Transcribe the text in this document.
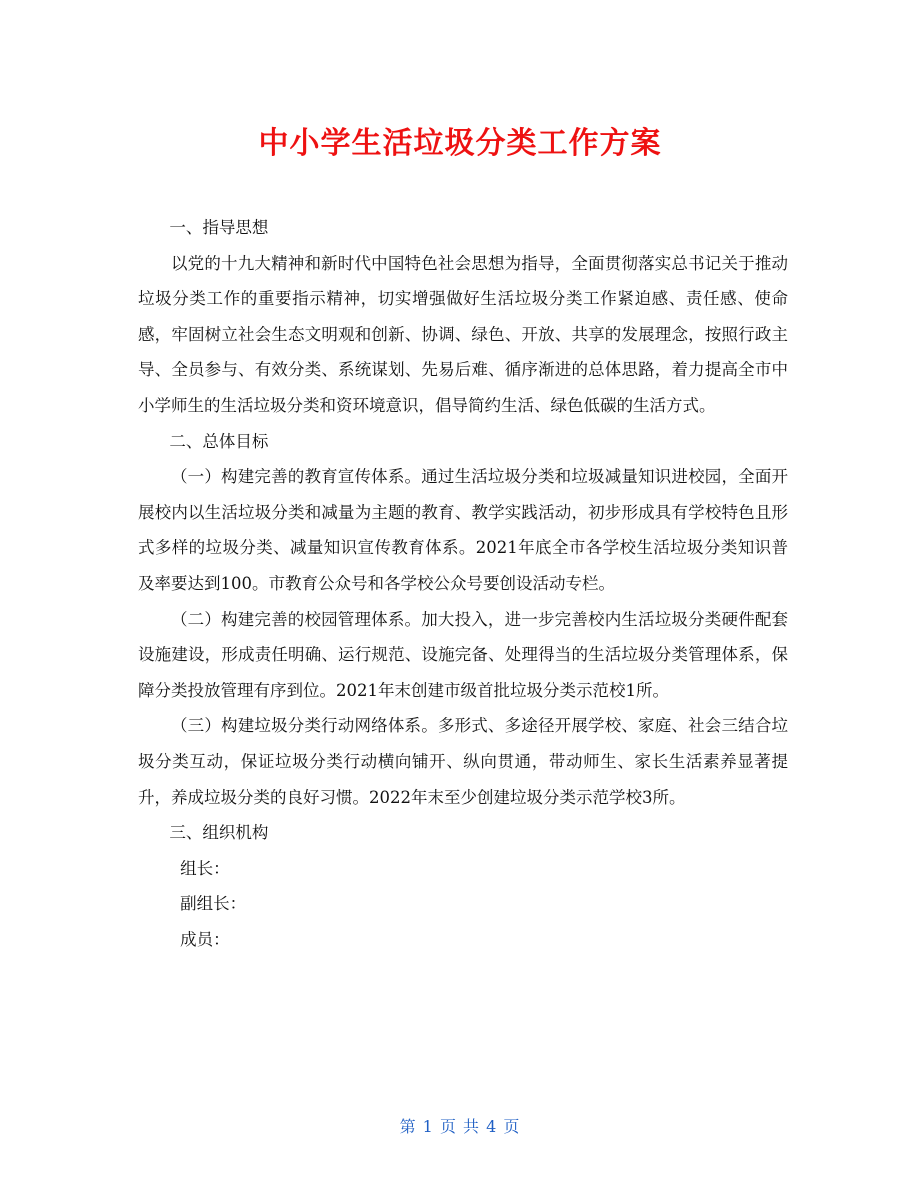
中小学生活垃圾分类工作方案

一、指导思想

以党的十九大精神和新时代中国特色社会思想为指导，全面贯彻落实总书记关于推动垃圾分类工作的重要指示精神，切实增强做好生活垃圾分类工作紧迫感、责任感、使命感，牢固树立社会生态文明观和创新、协调、绿色、开放、共享的发展理念，按照行政主导、全员参与、有效分类、系统谋划、先易后难、循序渐进的总体思路，着力提高全市中小学师生的生活垃圾分类和资环境意识，倡导简约生活、绿色低碳的生活方式。

二、总体目标

（一）构建完善的教育宣传体系。通过生活垃圾分类和垃圾减量知识进校园，全面开展校内以生活垃圾分类和减量为主题的教育、教学实践活动，初步形成具有学校特色且形式多样的垃圾分类、减量知识宣传教育体系。2021年底全市各学校生活垃圾分类知识普及率要达到100。市教育公众号和各学校公众号要创设活动专栏。

（二）构建完善的校园管理体系。加大投入，进一步完善校内生活垃圾分类硬件配套设施建设，形成责任明确、运行规范、设施完备、处理得当的生活垃圾分类管理体系，保障分类投放管理有序到位。2021年末创建市级首批垃圾分类示范校1所。

（三）构建垃圾分类行动网络体系。多形式、多途径开展学校、家庭、社会三结合垃圾分类互动，保证垃圾分类行动横向铺开、纵向贯通，带动师生、家长生活素养显著提升，养成垃圾分类的良好习惯。2022年末至少创建垃圾分类示范学校3所。

三、组织机构

组长：

副组长：

成员：

第 1 页 共 4 页
